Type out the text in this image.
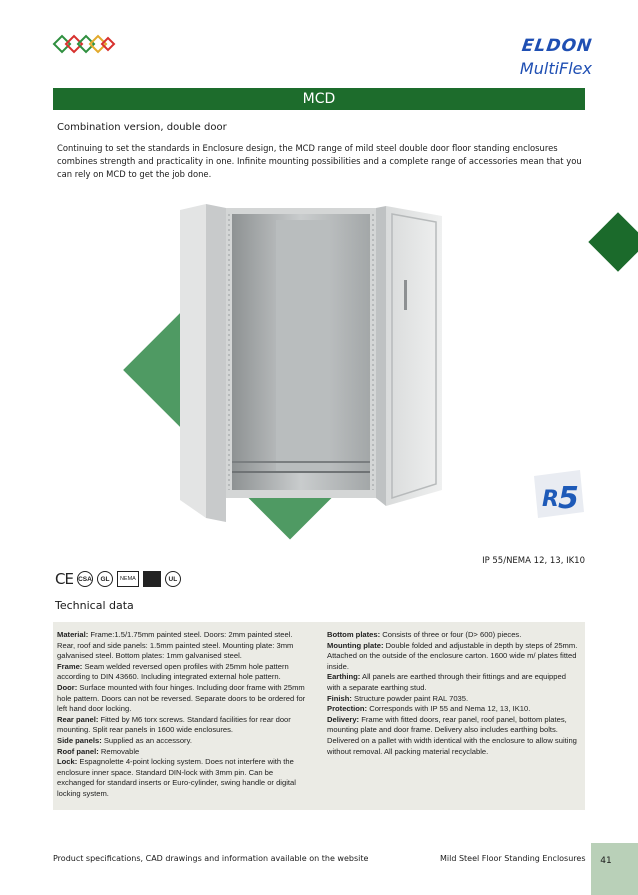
ELDON
MultiFlex
MCD
Combination version, double door
Continuing to set the standards in Enclosure design, the MCD range of mild steel double door floor standing enclosures combines strength and practicality in one. Infinite mounting possibilities and a complete range of accessories mean that you can rely on MCD to get the job done.
R 5
IP 55/NEMA 12, 13, IK10
CE CSA	GL	NEMA	UL
Technical data

Material: Frame:1.5/1.75mm painted steel. Doors: 2mm painted steel. Rear, roof and side panels: 1.5mm painted steel. Mounting plate: 3mm galvanised steel. Bottom plates: 1mm galvanised steel.

Frame: Seam welded reversed open profiles with 25mm hole pattern according to DIN 43660. Including integrated external hole pattern.

Door: Surface mounted with four hinges. Including door frame with 25mm hole pattern. Doors can not be reversed. Separate doors to be ordered for left hand door locking.

Rear panel: Fitted by M6 torx screws. Standard facilities for rear door mounting. Split rear panels in 1600 wide enclosures.

Side panels: Supplied as an accessory.

Roof panel: Removable

Lock: Espagnolette 4-point locking system. Does not interfere with the enclosure inner space. Standard DIN-lock with 3mm pin. Can be exchanged for standard inserts or Euro-cylinder, swing handle or digital locking system.

Bottom plates: Consists of three or four (D> 600) pieces.

Mounting plate: Double folded and adjustable in depth by steps of 25mm. Attached on the outside of the enclosure carton. 1600 wide m/ plates fitted inside.

Earthing: All panels are earthed through their fittings and are equipped with a separate earthing stud.

Finish: Structure powder paint RAL 7035.

Protection: Corresponds with IP 55 and Nema 12, 13, IK10.

Delivery: Frame with fitted doors, rear panel, roof panel, bottom plates, mounting plate and door frame. Delivery also includes earthing bolts. Delivered on a pallet with width identical with the enclosure to allow suiting without removal. All packing material recyclable.

Product specifications, CAD drawings and information available on the website	Mild Steel Floor Standing Enclosures	41
